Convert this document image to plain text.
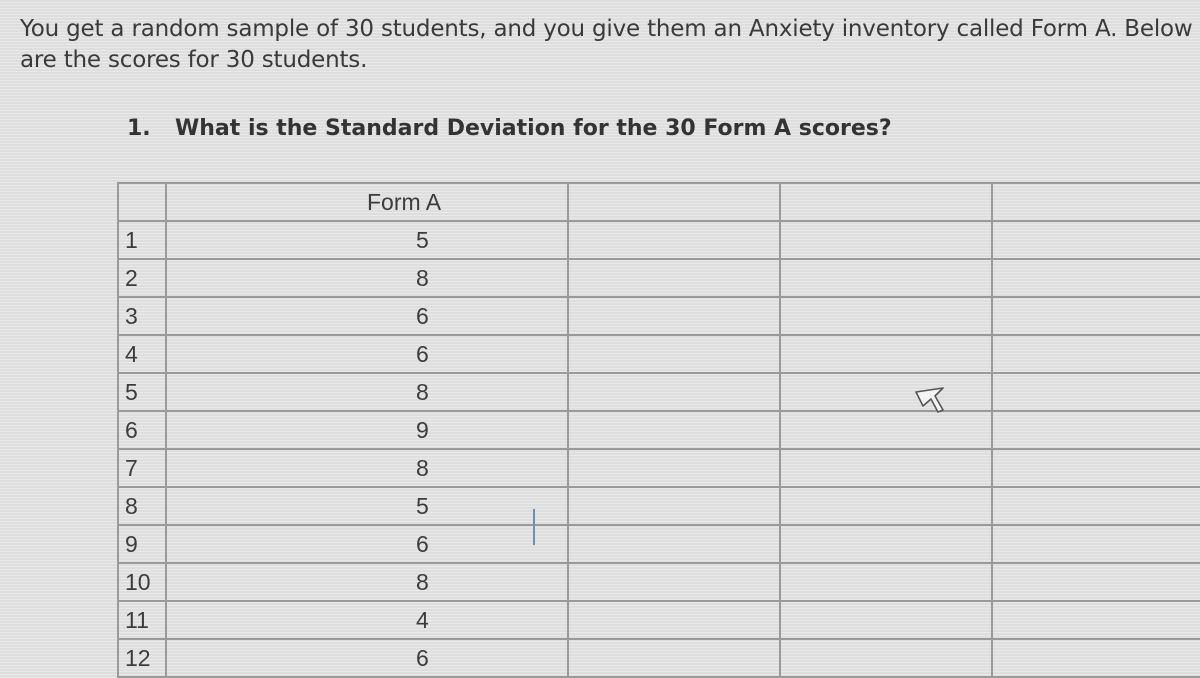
You get a random sample of 30 students, and you give them an Anxiety inventory called Form A. Below are the scores for 30 students.
1. What is the Standard Deviation for the 30 Form A scores?
	Form A			
1	5			
2	8			
3	6			
4	6			
5	8			
6	9			
7	8			
8	5			
9	6			
10	8			
11	4			
12	6			
